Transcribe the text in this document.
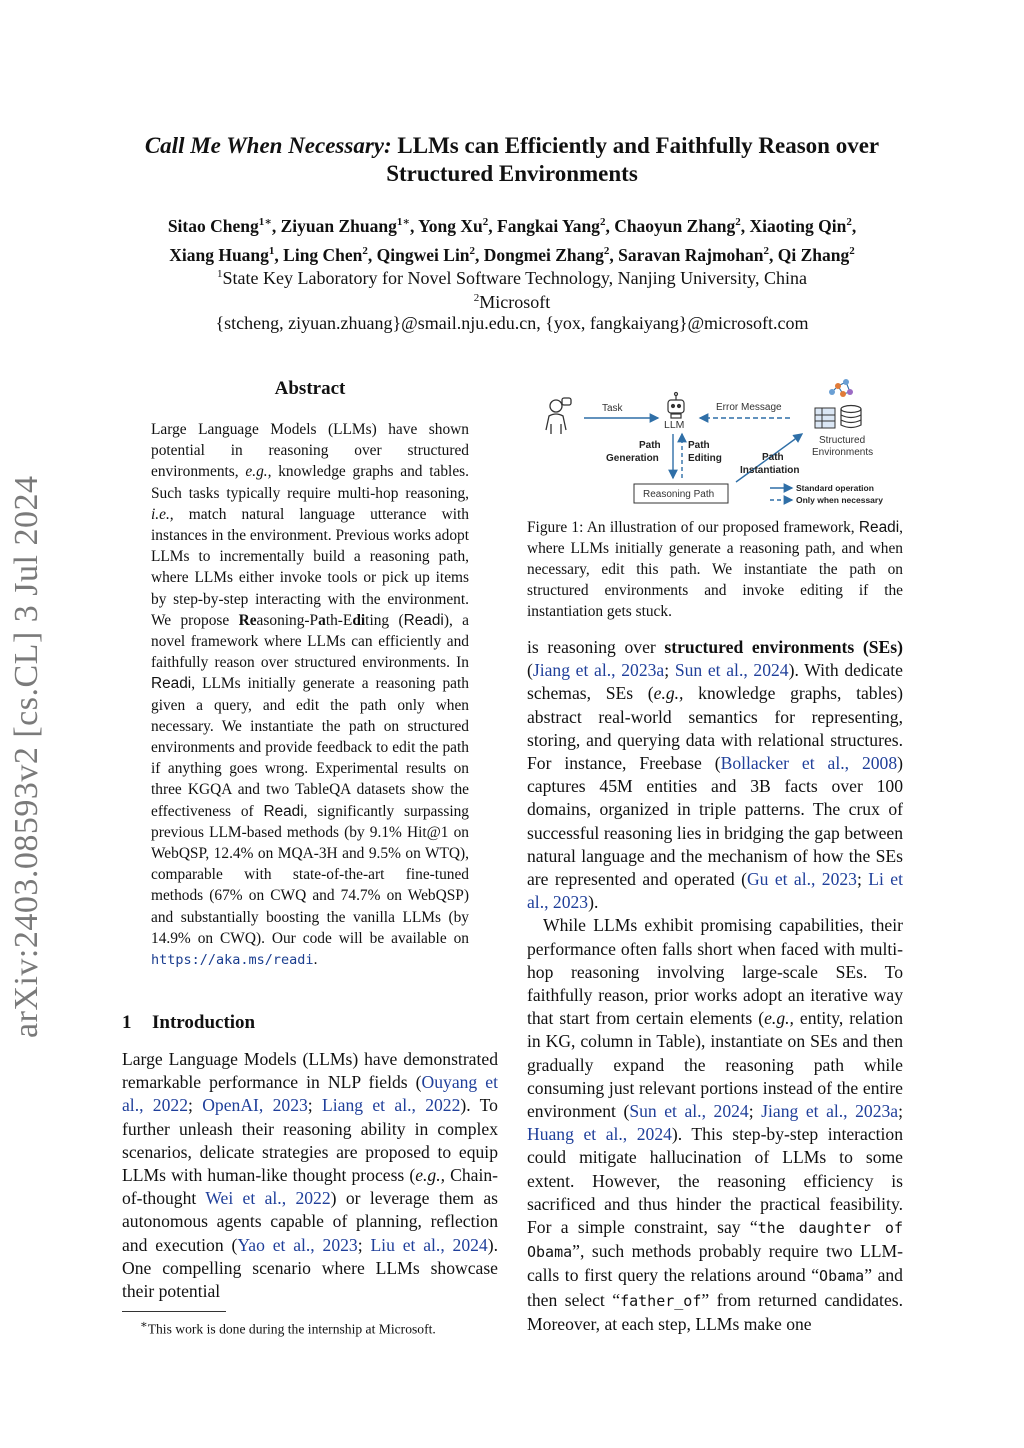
arXiv:2403.08593v2 [cs.CL] 3 Jul 2024
Call Me When Necessary: LLMs can Efficiently and Faithfully Reason over
Structured Environments
Sitao Cheng$^{1∗}$, Ziyuan Zhuang$^{1∗}$, Yong Xu$^2$, Fangkai Yang$^2$, Chaoyun Zhang$^2$, Xiaoting Qin$^2$,
Xiang Huang$^1$, Ling Chen$^2$, Qingwei Lin$^2$, Dongmei Zhang$^2$, Saravan Rajmohan$^2$, Qi Zhang$^2$
$^1$State Key Laboratory for Novel Software Technology, Nanjing University, China
$^2$Microsoft
{stcheng, ziyuan.zhuang}@smail.nju.edu.cn, {yox, fangkaiyang}@microsoft.com
Abstract
Large Language Models (LLMs) have shown potential in reasoning over structured environments, e.g., knowledge graphs and tables. Such tasks typically require multi-hop reasoning, i.e., match natural language utterance with instances in the environment. Previous works adopt LLMs to incrementally build a reasoning path, where LLMs either invoke tools or pick up items by step-by-step interacting with the environment. We propose Reasoning-Path-Editing (Readi), a novel framework where LLMs can efficiently and faithfully reason over structured environments. In Readi, LLMs initially generate a reasoning path given a query, and edit the path only when necessary. We instantiate the path on structured environments and provide feedback to edit the path if anything goes wrong. Experimental results on three KGQA and two TableQA datasets show the effectiveness of Readi, significantly surpassing previous LLM-based methods (by 9.1% Hit@1 on WebQSP, 12.4% on MQA-3H and 9.5% on WTQ), comparable with state-of-the-art fine-tuned methods (67% on CWQ and 74.7% on WebQSP) and substantially boosting the vanilla LLMs (by 14.9% on CWQ). Our code will be available on https://aka.ms/readi.
1 Introduction

Large Language Models (LLMs) have demonstrated remarkable performance in NLP fields (Ouyang et al., 2022; OpenAI, 2023; Liang et al., 2022). To further unleash their reasoning ability in complex scenarios, delicate strategies are proposed to equip LLMs with human-like thought process (e.g., Chain-of-thought Wei et al., 2022) or leverage them as autonomous agents capable of planning, reflection and execution (Yao et al., 2023; Liu et al., 2024). One compelling scenario where LLMs showcase their potential

∗This work is done during the internship at Microsoft.
Task
LLM
Error Message
Structured
Environments
Path
Generation
Path
Editing	Path
Instantiation
Reasoning Path
Standard operation
Only when necessary
Figure 1: An illustration of our proposed framework, Readi, where LLMs initially generate a reasoning path, and when necessary, edit this path. We instantiate the path on structured environments and invoke editing if the instantiation gets stuck.

is reasoning over structured environments (SEs) (Jiang et al., 2023a; Sun et al., 2024). With dedicate schemas, SEs (e.g., knowledge graphs, tables) abstract real-world semantics for representing, storing, and querying data with relational structures. For instance, Freebase (Bollacker et al., 2008) captures 45M entities and 3B facts over 100 domains, organized in triple patterns. The crux of successful reasoning lies in bridging the gap between natural language and the mechanism of how the SEs are represented and operated (Gu et al., 2023; Li et al., 2023).

While LLMs exhibit promising capabilities, their performance often falls short when faced with multi-hop reasoning involving large-scale SEs. To faithfully reason, prior works adopt an iterative way that start from certain elements (e.g., entity, relation in KG, column in Table), instantiate on SEs and then gradually expand the reasoning path while consuming just relevant portions instead of the entire environment (Sun et al., 2024; Jiang et al., 2023a; Huang et al., 2024). This step-by-step interaction could mitigate hallucination of LLMs to some extent. However, the reasoning efficiency is sacrificed and thus hinder the practical feasibility. For a simple constraint, say “the daughter of Obama”, such methods probably require two LLM-calls to first query the relations around “Obama” and then select “father_of” from returned candidates. Moreover, at each step, LLMs make one
